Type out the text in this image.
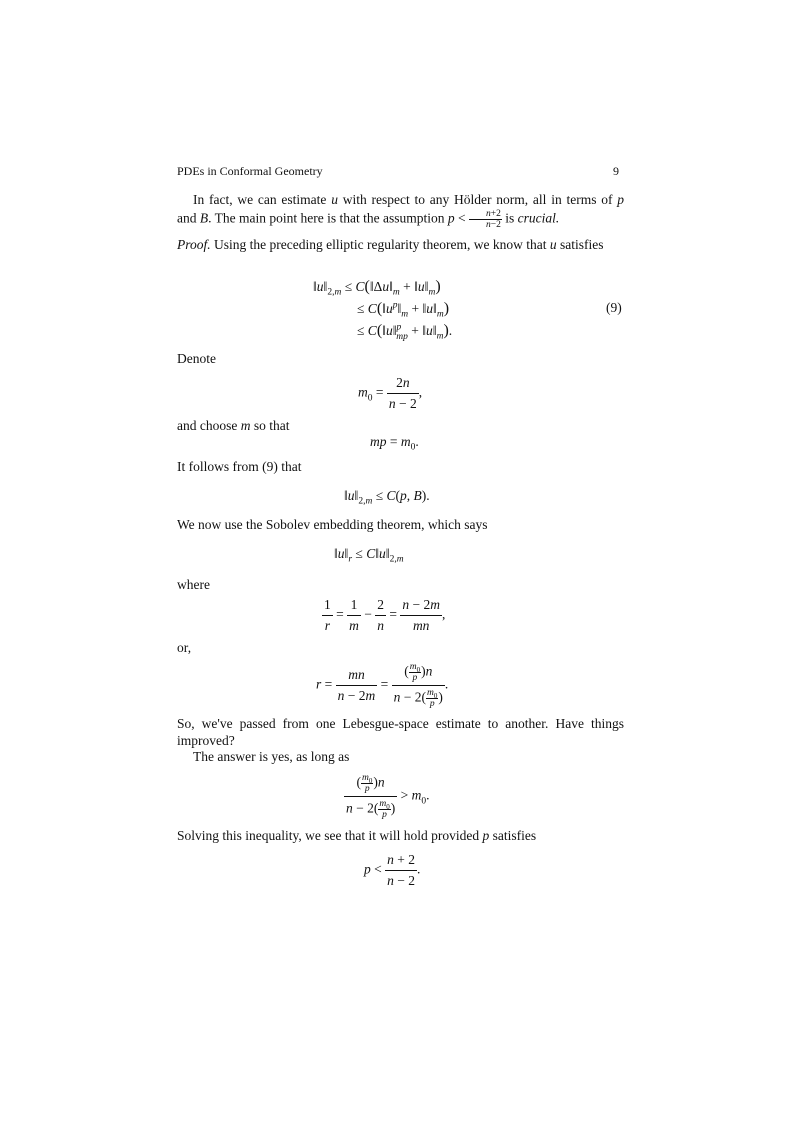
PDEs in Conformal Geometry	9
In fact, we can estimate u with respect to any Hölder norm, all in terms of p and B. The main point here is that the assumption $p < \frac{n+2}{n-2}$ is crucial.
Proof. Using the preceding elliptic regularity theorem, we know that u satisfies
$‖u‖_{2,m}$ ≤ $C(‖\Delta u‖_m$ + $‖u‖_m$)
≤ $C(‖u^p‖_m$ + $‖u‖_m$)
≤ C(‖u‖$^p_{mp}$ + $‖u‖_m$).
(9)
Denote
$m_0 = \frac{2n}{n - 2}$ ,
and choose m so that
mp = $m_0$.
It follows from (9) that
$‖u‖_{2,m} \le C(p$, B).
We now use the Sobolev embedding theorem, which says
$‖u‖_r$ ≤ $C‖u‖_{2,m}$
where
$\frac{1}{r} = \frac{1}{m} - \frac{2}{n} = \frac{n - 2m}{mn}$ ,
or,
$r = \frac{mn}{n - 2m} = \frac{( \frac{m_0}{p} )n}{n - 2( \frac{m_0}{p} )}$ .
So, we've passed from one Lebesgue-space estimate to another. Have things improved?
The answer is yes, as long as
$\frac{( \frac{m_0}{p} )n}{n - 2( \frac{m_0}{p} )} > m_0$.
Solving this inequality, we see that it will hold provided p satisfies
$p < \frac{n + 2}{n - 2}$ .
